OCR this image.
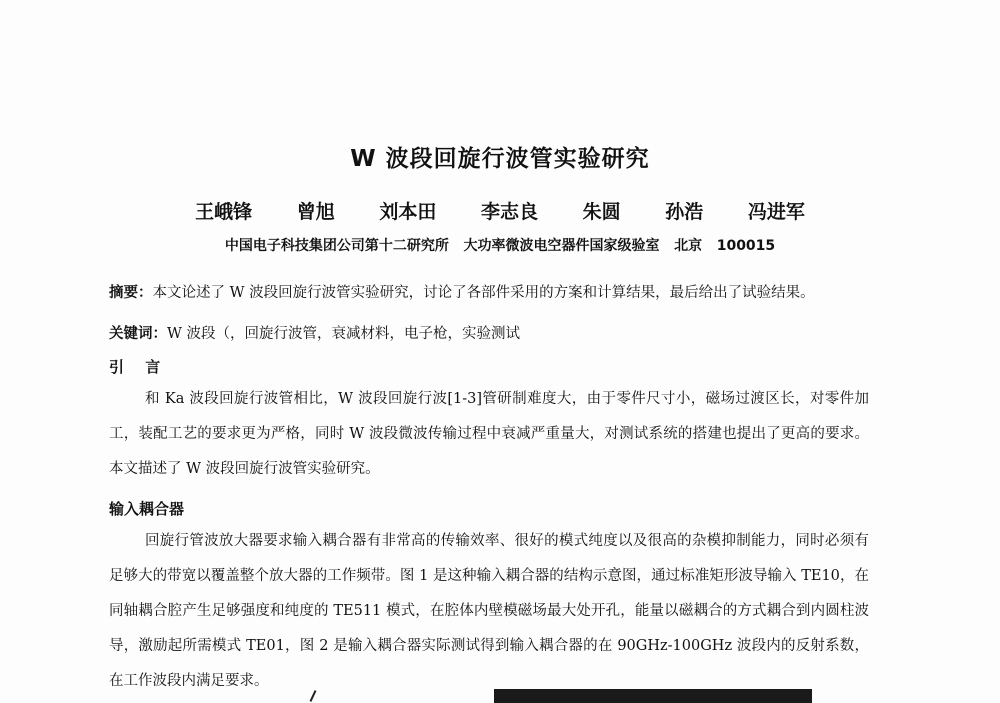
W 波段回旋行波管实验研究
王峨锋 曾旭 刘本田 李志良 朱圆 孙浩 冯进军
中国电子科技集团公司第十二研究所   大功率微波电空器件国家级验室   北京   100015
摘要：本文论述了 W 波段回旋行波管实验研究，讨论了各部件采用的方案和计算结果，最后给出了试验结果。
关键词：W 波段（，回旋行波管，衰减材料，电子枪，实验测试
引 言
和 Ka 波段回旋行波管相比，W 波段回旋行波[1-3]管研制难度大，由于零件尺寸小，磁场过渡区长，对零件加工，装配工艺的要求更为严格，同时 W 波段微波传输过程中衰减严重量大，对测试系统的搭建也提出了更高的要求。本文描述了 W 波段回旋行波管实验研究。
输入耦合器
回旋行管波放大器要求输入耦合器有非常高的传输效率、很好的模式纯度以及很高的杂模抑制能力，同时必须有足够大的带宽以覆盖整个放大器的工作频带。图 1 是这种输入耦合器的结构示意图，通过标准矩形波导输入 TE10，在同轴耦合腔产生足够强度和纯度的 TE511 模式，在腔体内壁模磁场最大处开孔，能量以磁耦合的方式耦合到内圆柱波导，激励起所需模式 TE01，图 2 是输入耦合器实际测试得到输入耦合器的在 90GHz-100GHz 波段内的反射系数，在工作波段内满足要求。
